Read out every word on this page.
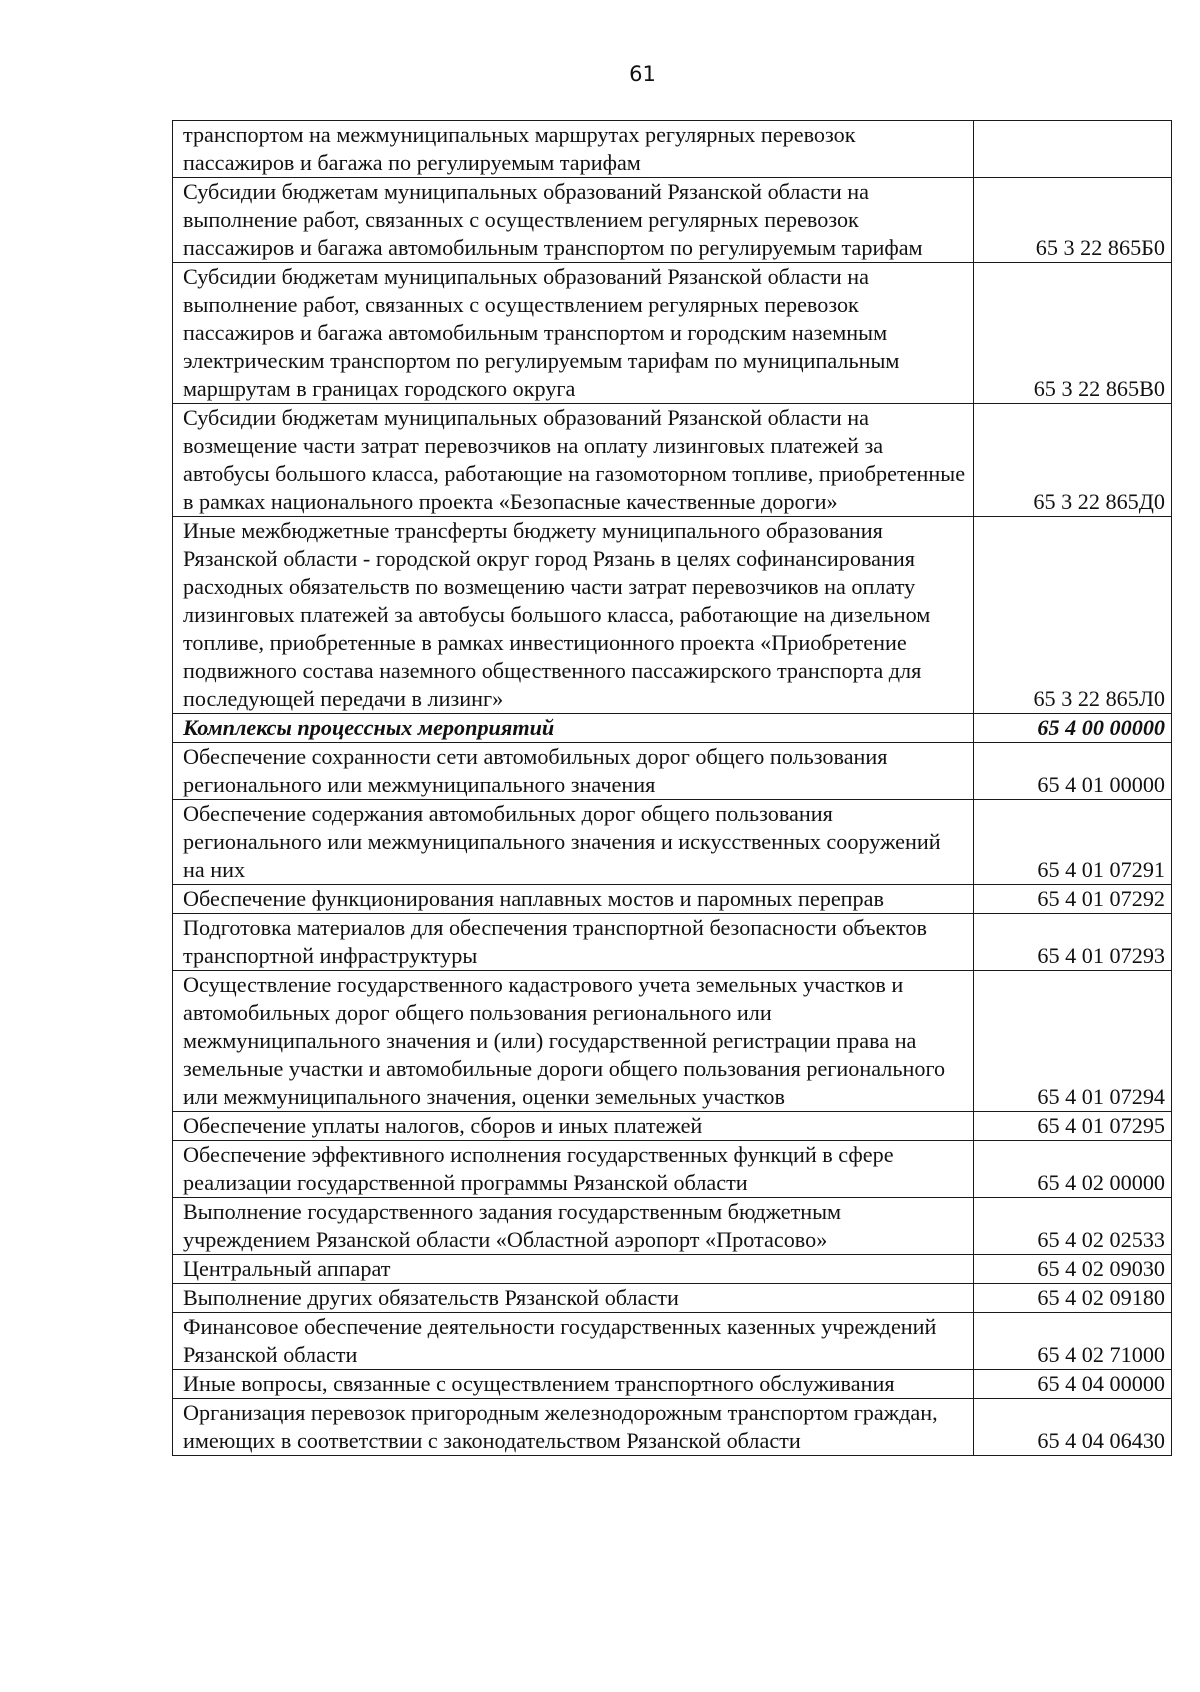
61
транспортом на межмуниципальных маршрутах регулярных перевозок пассажиров и багажа по регулируемым тарифам	
Субсидии бюджетам муниципальных образований Рязанской области на выполнение работ, связанных с осуществлением регулярных перевозок пассажиров и багажа автомобильным транспортом по регулируемым тарифам	65 3 22 865Б0
Субсидии бюджетам муниципальных образований Рязанской области на выполнение работ, связанных с осуществлением регулярных перевозок пассажиров и багажа автомобильным транспортом и городским наземным электрическим транспортом по регулируемым тарифам по муниципальным маршрутам в границах городского округа	65 3 22 865В0
Субсидии бюджетам муниципальных образований Рязанской области на возмещение части затрат перевозчиков на оплату лизинговых платежей за автобусы большого класса, работающие на газомоторном топливе, приобретенные в рамках национального проекта «Безопасные качественные дороги»	65 3 22 865Д0
Иные межбюджетные трансферты бюджету муниципального образования Рязанской области - городской округ город Рязань в целях софинансирования расходных обязательств по возмещению части затрат перевозчиков на оплату лизинговых платежей за автобусы большого класса, работающие на дизельном топливе, приобретенные в рамках инвестиционного проекта «Приобретение подвижного состава наземного общественного пассажирского транспорта для последующей передачи в лизинг»	65 3 22 865Л0
Комплексы процессных мероприятий	65 4 00 00000
Обеспечение сохранности сети автомобильных дорог общего пользования регионального или межмуниципального значения	65 4 01 00000
Обеспечение содержания автомобильных дорог общего пользования регионального или межмуниципального значения и искусственных сооружений на них	65 4 01 07291
Обеспечение функционирования наплавных мостов и паромных переправ	65 4 01 07292
Подготовка материалов для обеспечения транспортной безопасности объектов транспортной инфраструктуры	65 4 01 07293
Осуществление государственного кадастрового учета земельных участков и автомобильных дорог общего пользования регионального или межмуниципального значения и (или) государственной регистрации права на земельные участки и автомобильные дороги общего пользования регионального или межмуниципального значения, оценки земельных участков	65 4 01 07294
Обеспечение уплаты налогов, сборов и иных платежей	65 4 01 07295
Обеспечение эффективного исполнения государственных функций в сфере реализации государственной программы Рязанской области	65 4 02 00000
Выполнение государственного задания государственным бюджетным учреждением Рязанской области «Областной аэропорт «Протасово»	65 4 02 02533
Центральный аппарат	65 4 02 09030
Выполнение других обязательств Рязанской области	65 4 02 09180
Финансовое обеспечение деятельности государственных казенных учреждений Рязанской области	65 4 02 71000
Иные вопросы, связанные с осуществлением транспортного обслуживания	65 4 04 00000
Организация перевозок пригородным железнодорожным транспортом граждан, имеющих в соответствии с законодательством Рязанской области	65 4 04 06430
